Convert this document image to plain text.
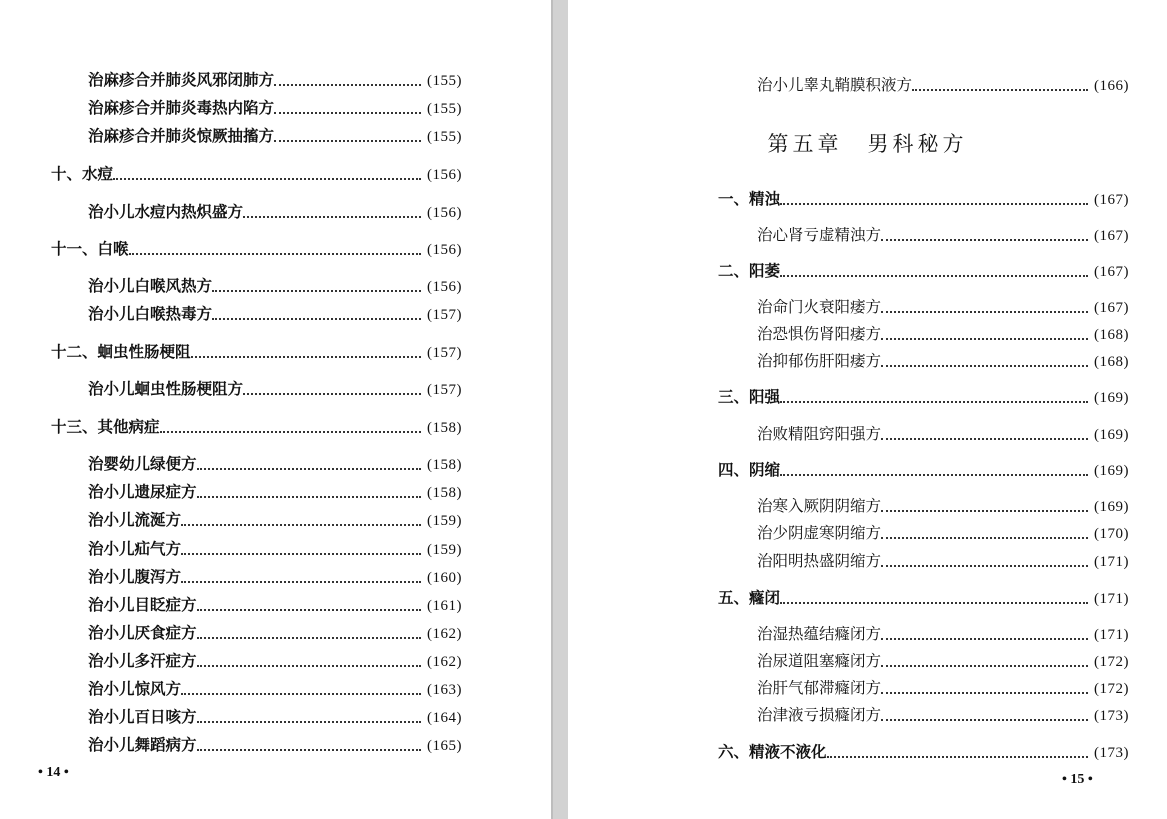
治麻疹合并肺炎风邪闭肺方	(155)
治麻疹合并肺炎毒热内陷方	(155)
治麻疹合并肺炎惊厥抽搐方	(155)
十、水痘	(156)
治小儿水痘内热炽盛方	(156)
十一、白喉	(156)
治小儿白喉风热方	(156)
治小儿白喉热毒方	(157)
十二、蛔虫性肠梗阻	(157)
治小儿蛔虫性肠梗阻方	(157)
十三、其他病症	(158)
治婴幼儿绿便方	(158)
治小儿遗尿症方	(158)
治小儿流涎方	(159)
治小儿疝气方	(159)
治小儿腹泻方	(160)
治小儿目眨症方	(161)
治小儿厌食症方	(162)
治小儿多汗症方	(162)
治小儿惊风方	(163)
治小儿百日咳方	(164)
治小儿舞蹈病方	(165)
• 14 •
治小儿睾丸鞘膜积液方	(166)
第五章　男科秘方
一、精浊	(167)
治心肾亏虚精浊方	(167)
二、阳萎	(167)
治命门火衰阳痿方	(167)
治恐惧伤肾阳痿方	(168)
治抑郁伤肝阳痿方	(168)
三、阳强	(169)
治败精阻窍阳强方	(169)
四、阴缩	(169)
治寒入厥阴阴缩方	(169)
治少阴虚寒阴缩方	(170)
治阳明热盛阴缩方	(171)
五、癃闭	(171)
治湿热蕴结癃闭方	(171)
治尿道阻塞癃闭方	(172)
治肝气郁滞癃闭方	(172)
治津液亏损癃闭方	(173)
六、精液不液化	(173)
• 15 •
